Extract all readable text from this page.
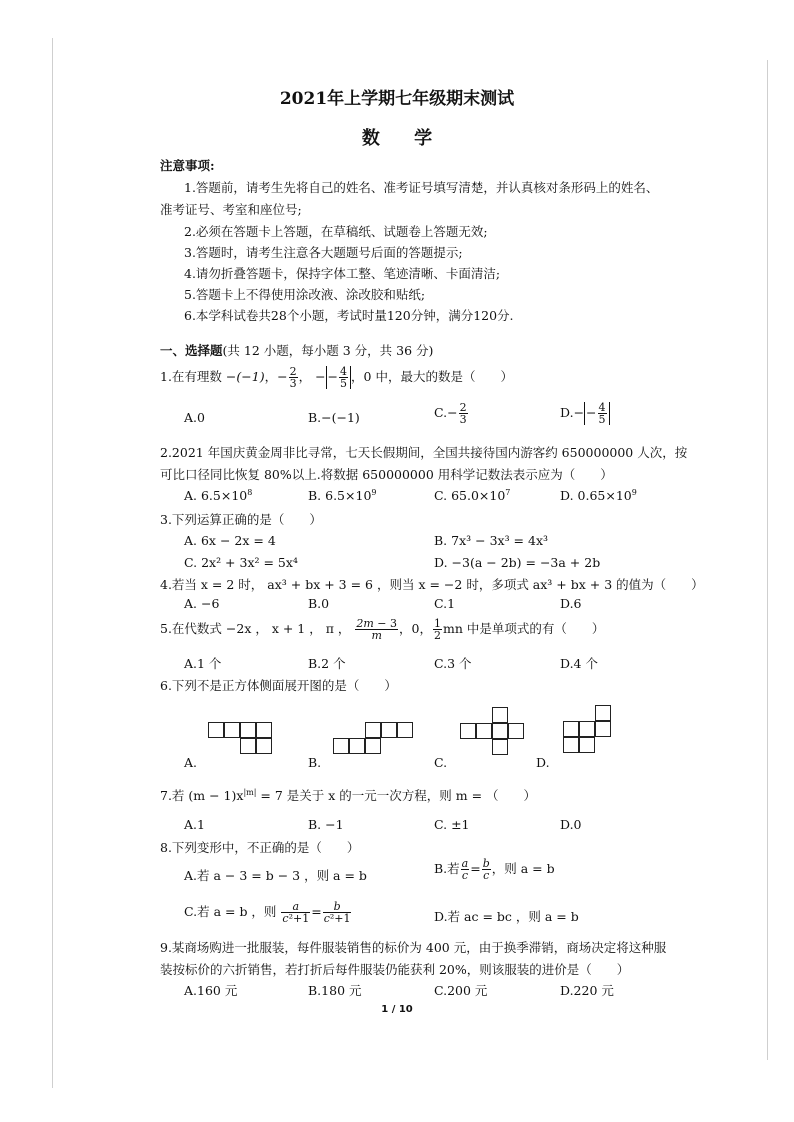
2021年上学期七年级期末测试
数 学
注意事项:
1.答题前，请考生先将自己的姓名、准考证号填写清楚，并认真核对条形码上的姓名、
准考证号、考室和座位号;
2.必须在答题卡上答题，在草稿纸、试题卷上答题无效;
3.答题时，请考生注意各大题题号后面的答题提示;
4.请勿折叠答题卡，保持字体工整、笔迹清晰、卡面清洁;
5.答题卡上不得使用涂改液、涂改胶和贴纸;
6.本学科试卷共28个小题，考试时量120分钟，满分120分.
一、选择题(共 12 小题，每小题 3 分，共 36 分)
1.在有理数 −(−1)，− $\frac{2}{3}$ ， − − $\frac{4}{5}$ ，0 中，最大的数是（　　）
A.0	B.−(−1)	$C.- \frac{2}{3}$	$D.- - \frac{4}{5}$
2.2021 年国庆黄金周非比寻常，七天长假期间，全国共接待国内游客约 650000000 人次，按
可比口径同比恢复 80%以上.将数据 650000000 用科学记数法表示应为（　　）
A. $6.5\times 10^8$	B. $6.5\times 10^9$	C. $65.0\times 10^7$	D. $0.65\times 10^9$
3.下列运算正确的是（　　）
A. 6x − 2x = 4	B. 7x³ − 3x³ = 4x³
C. 2x² + 3x² = 5x⁴	D. −3(a − 2b) = −3a + 2b
4.若当 x = 2 时， ax³ + bx + 3 = 6 ，则当 x = −2 时，多项式 ax³ + bx + 3 的值为（　　）
A. −6	B.0	C.1	D.6
5.在代数式 −2x ， x + 1 ， π ， $\frac{2m - 3}{m}$ ，0， $\frac{1}{2}$ mn 中是单项式的有（　　）
A.1 个	B.2 个	C.3 个	D.4 个
6.下列不是正方体侧面展开图的是（　　）
A.	B.	C.	D.
7.若 $(m - 1)x^{|m|} = 7$ 是关于 x 的一元一次方程，则 m = （　　）
A.1	B. −1	C. ±1	D.0
8.下列变形中，不正确的是（　　）
A.若 a − 3 = b − 3 ，则 a = b	B.若 $\frac{a}{c} = \frac{b}{c}$ ，则 a = b
C.若 a = b ，则 $\frac{a}{\text{c²+1}} = \frac{b}{\text{c²+1}}$	D.若 ac = bc ，则 a = b
9.某商场购进一批服装，每件服装销售的标价为 400 元，由于换季滞销，商场决定将这种服
装按标价的六折销售，若打折后每件服装仍能获利 20%，则该服装的进价是（　　）
A.160 元	B.180 元	C.200 元	D.220 元
1 / 10
